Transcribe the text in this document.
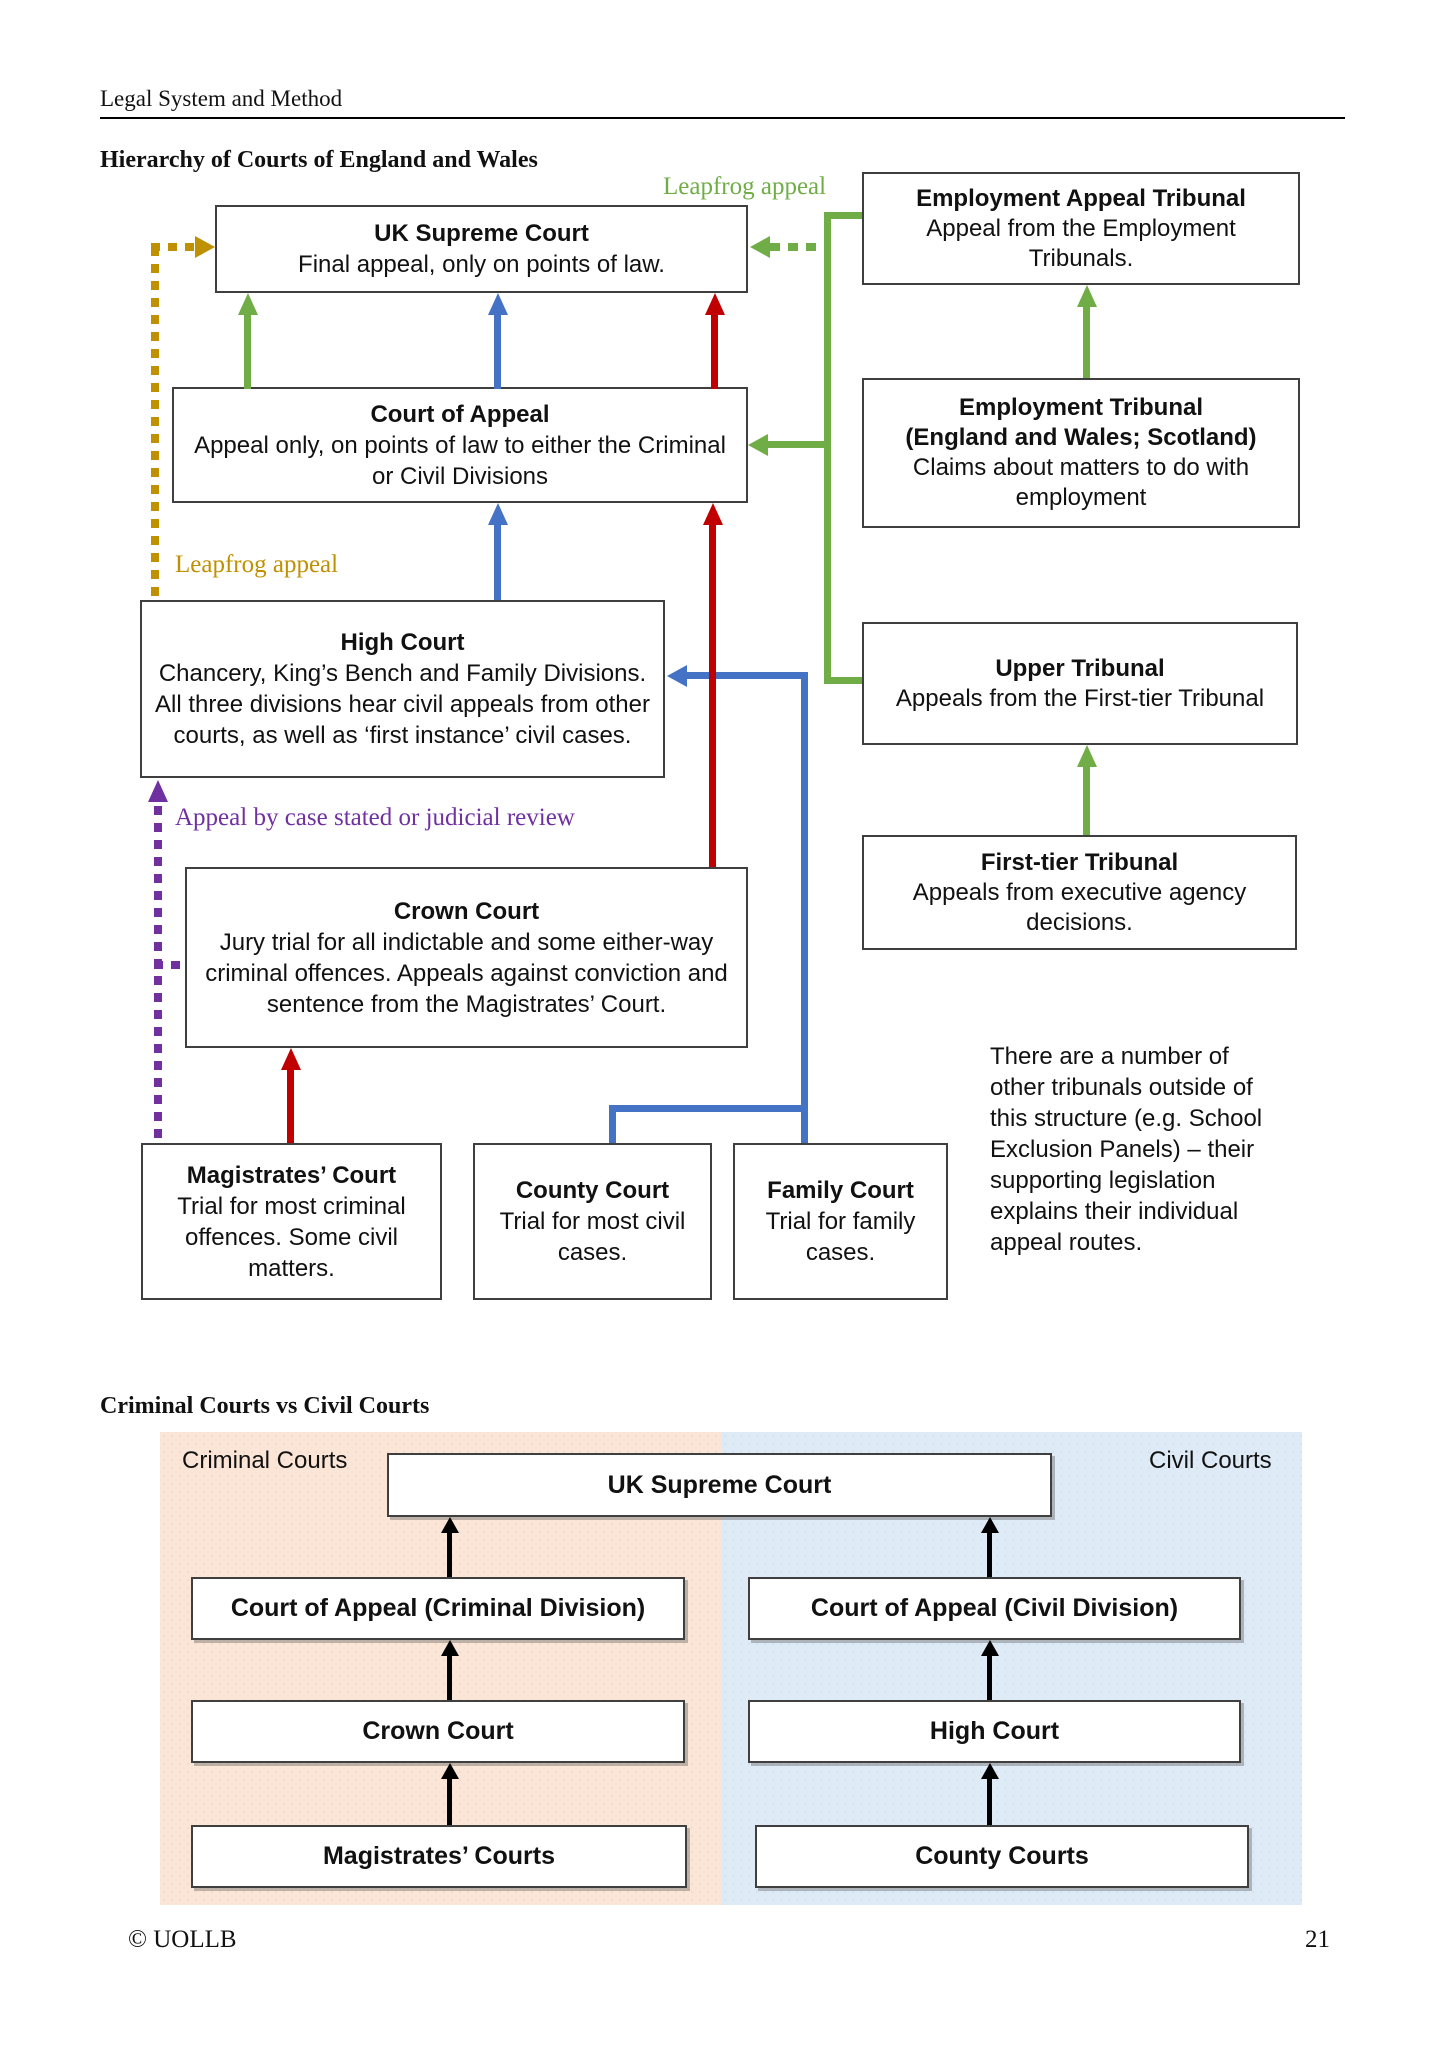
Legal System and Method
Hierarchy of Courts of England and Wales
Leapfrog appeal
Leapfrog appeal
Appeal by case stated or judicial review
UK Supreme Court
Final appeal, only on points of law.
Court of Appeal
Appeal only, on points of law to either the Criminal or Civil Divisions
High Court
Chancery, King’s Bench and Family Divisions. All three divisions hear civil appeals from other courts, as well as ‘first instance’ civil cases.
Crown Court
Jury trial for all indictable and some either-way criminal offences. Appeals against conviction and sentence from the Magistrates’ Court.
Magistrates’ Court
Trial for most criminal offences. Some civil matters.
County Court
Trial for most civil cases.
Family Court
Trial for family cases.
Employment Appeal Tribunal
Appeal from the Employment Tribunals.
Employment Tribunal
(England and Wales; Scotland)
Claims about matters to do with employment
Upper Tribunal
Appeals from the First-tier Tribunal
First-tier Tribunal
Appeals from executive agency decisions.
There are a number of other tribunals outside of this structure (e.g. School Exclusion Panels) – their supporting legislation explains their individual appeal routes.
Criminal Courts vs Civil Courts
Criminal Courts	Civil Courts
UK Supreme Court
Court of Appeal (Criminal Division)	Court of Appeal (Civil Division)
Crown Court	High Court
Magistrates’ Courts	County Courts
© UOLLB	21
